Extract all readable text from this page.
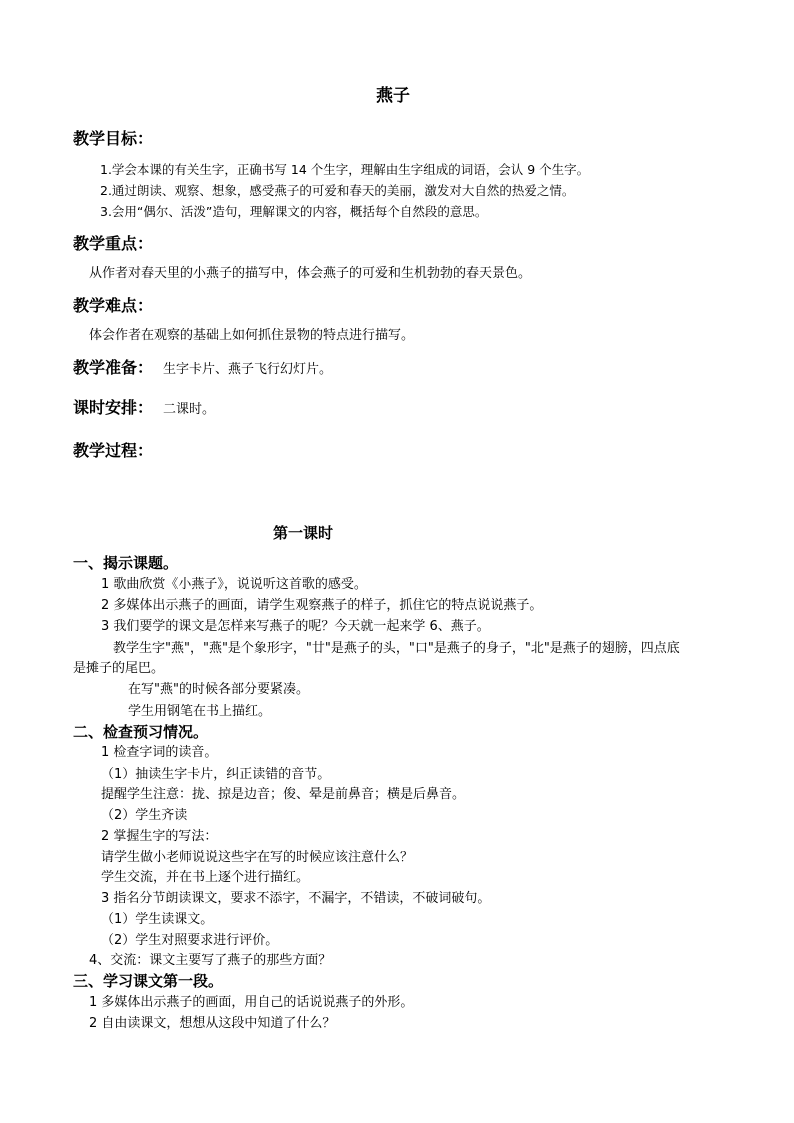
燕子
教学目标：
1.学会本课的有关生字，正确书写 14 个生字，理解由生字组成的词语，会认 9 个生字。
2.通过朗读、观察、想象，感受燕子的可爱和春天的美丽，激发对大自然的热爱之情。
3.会用“偶尔、活泼”造句，理解课文的内容，概括每个自然段的意思。
教学重点：
从作者对春天里的小燕子的描写中，体会燕子的可爱和生机勃勃的春天景色。
教学难点：
体会作者在观察的基础上如何抓住景物的特点进行描写。
教学准备： 生字卡片、燕子飞行幻灯片。
课时安排： 二课时。
教学过程：
第一课时
一、揭示课题。
1 歌曲欣赏《小燕子》，说说听这首歌的感受。
2 多媒体出示燕子的画面，请学生观察燕子的样子，抓住它的特点说说燕子。
3 我们要学的课文是怎样来写燕子的呢？今天就一起来学 6、燕子。
教学生字"燕"，"燕"是个象形字，"廿"是燕子的头，"口"是燕子的身子，"北"是燕子的翅膀，四点底
是摊子的尾巴。
在写"燕"的时候各部分要紧凑。
学生用钢笔在书上描红。
二、检查预习情况。
1 检查字词的读音。
（1）抽读生字卡片，纠正读错的音节。
提醒学生注意：拢、掠是边音；俊、晕是前鼻音；横是后鼻音。
（2）学生齐读
2 掌握生字的写法：
请学生做小老师说说这些字在写的时候应该注意什么？
学生交流，并在书上逐个进行描红。
3 指名分节朗读课文，要求不添字，不漏字，不错读，不破词破句。
（1）学生读课文。
（2）学生对照要求进行评价。
4、交流：课文主要写了燕子的那些方面？
三、学习课文第一段。
1 多媒体出示燕子的画面，用自己的话说说燕子的外形。
2 自由读课文，想想从这段中知道了什么？
